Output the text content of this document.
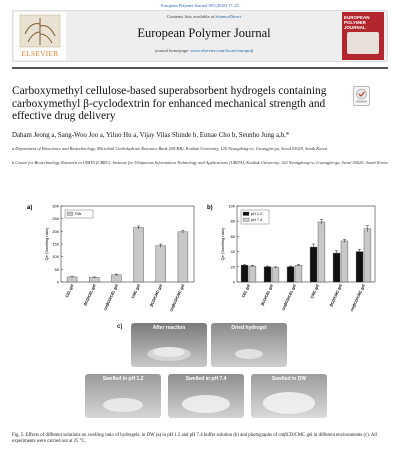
European Polymer Journal 105 (2018) 17–25
ELSEVIER
Contents lists available at ScienceDirect
European Polymer Journal
journal homepage: www.elsevier.com/locate/europolj
EUROPEAN POLYMER JOURNAL
Carboxymethyl cellulose-based superabsorbent hydrogels containing carboxymethyl β-cyclodextrin for enhanced mechanical strength and effective drug delivery
Daham Jeong a, Sang-Woo Joo a, Yiluo Hu a, Vijay Vilas Shinde b, Eunae Cho b, Seunho Jung a,b,*
a Department of Bioscience and Biotechnology, Microbial Carbohydrate Resource Bank (MCRB), Konkuk University, 120 Neungdong-ro, Gwangjin-gu, Seoul 05029, South Korea
b Center for Biotechnology Research in UBITA (CBRU), Institute for Ubiquitous Information Technology and Applications (UBITA), Konkuk University, 120 Neungdong-ro, Gwangjin-gu, Seoul 05029, South Korea
a)
0
50
100
150
200
250
300
Qe (Swelling ratio)
CEL gel βCD/CEL gel cmβCD/CEL gel	CMC gel βCD/CMC gel cmβCD/CMC gel
DW
b)
0
20
40
60
80
100
Qe (Swelling ratio)
CEL gel	βCD/CEL gel cmβCD/CEL gel	CMC gel βCD/CMC gel cmβCD/CMC gel
pH 1.2
pH 7.4
c)	After reaction	Dried hydrogel
Swelled in pH 1.2	Swelled in pH 7.4	Swelled in DW
Fig. 5. Effects of different solutions on swelling ratio of hydrogels: in DW (a) in pH 1.2 and pH 7.4 buffer solution (b) and photographs of cmβCD/CMC gel in different environments (c). All experiments were carried out at 25 °C.
